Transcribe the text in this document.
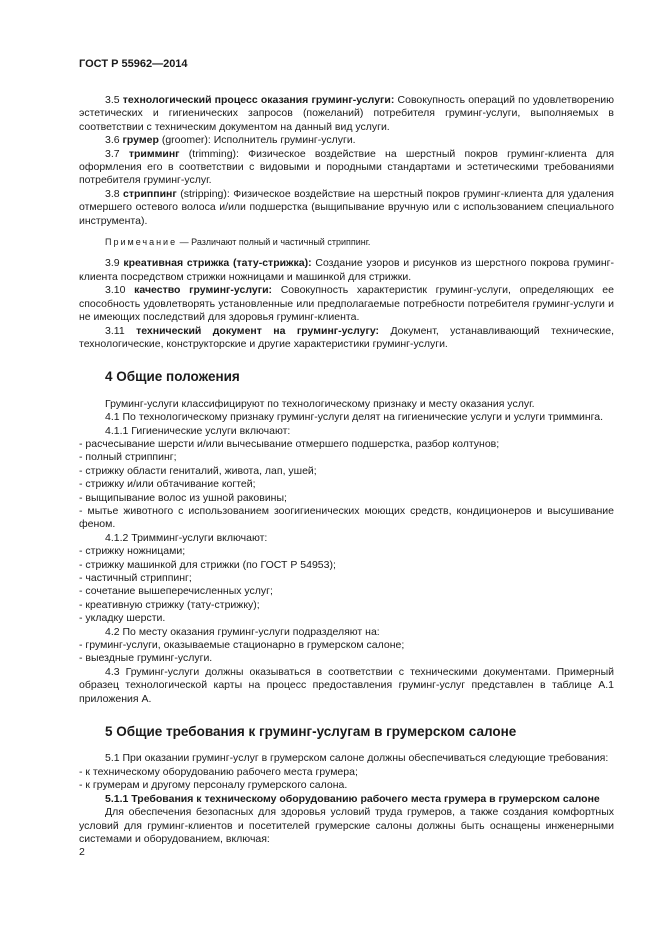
ГОСТ Р 55962—2014

3.5 технологический процесс оказания груминг-услуги: Совокупность операций по удовлетворению эстетических и гигиенических запросов (пожеланий) потребителя груминг-услуги, выполняемых в соответствии с техническим документом на данный вид услуги.

3.6 грумер (groomer): Исполнитель груминг-услуги.

3.7 тримминг (trimming): Физическое воздействие на шерстный покров груминг-клиента для оформления его в соответствии с видовыми и породными стандартами и эстетическими требованиями потребителя груминг-услуг.

3.8 стриппинг (stripping): Физическое воздействие на шерстный покров груминг-клиента для удаления отмершего остевого волоса и/или подшерстка (выщипывание вручную или с использованием специального инструмента).

Примечание — Различают полный и частичный стриппинг.

3.9 креативная стрижка (тату-стрижка): Создание узоров и рисунков из шерстного покрова груминг-клиента посредством стрижки ножницами и машинкой для стрижки.

3.10 качество груминг-услуги: Совокупность характеристик груминг-услуги, определяющих ее способность удовлетворять установленные или предполагаемые потребности потребителя груминг-услуги и не имеющих последствий для здоровья груминг-клиента.

3.11 технический документ на груминг-услугу: Документ, устанавливающий технические, технологические, конструкторские и другие характеристики груминг-услуги.

4 Общие положения

Груминг-услуги классифицируют по технологическому признаку и месту оказания услуг.

4.1 По технологическому признаку груминг-услуги делят на гигиенические услуги и услуги тримминга.

4.1.1 Гигиенические услуги включают:

- расчесывание шерсти и/или вычесывание отмершего подшерстка, разбор колтунов;

- полный стриппинг;

- стрижку области гениталий, живота, лап, ушей;

- стрижку и/или обтачивание когтей;

- выщипывание волос из ушной раковины;

- мытье животного с использованием зоогигиенических моющих средств, кондиционеров и высушивание феном.

4.1.2 Тримминг-услуги включают:

- стрижку ножницами;

- стрижку машинкой для стрижки (по ГОСТ Р 54953);

- частичный стриппинг;

- сочетание вышеперечисленных услуг;

- креативную стрижку (тату-стрижку);

- укладку шерсти.

4.2 По месту оказания груминг-услуги подразделяют на:

- груминг-услуги, оказываемые стационарно в грумерском салоне;

- выездные груминг-услуги.

4.3 Груминг-услуги должны оказываться в соответствии с техническими документами. Примерный образец технологической карты на процесс предоставления груминг-услуг представлен в таблице А.1 приложения А.

5 Общие требования к груминг-услугам в грумерском салоне

5.1 При оказании груминг-услуг в грумерском салоне должны обеспечиваться следующие требования:

- к техническому оборудованию рабочего места грумера;

- к грумерам и другому персоналу грумерского салона.

5.1.1 Требования к техническому оборудованию рабочего места грумера в грумерском салоне

Для обеспечения безопасных для здоровья условий труда грумеров, а также создания комфортных условий для груминг-клиентов и посетителей грумерские салоны должны быть оснащены инженерными системами и оборудованием, включая:

2
